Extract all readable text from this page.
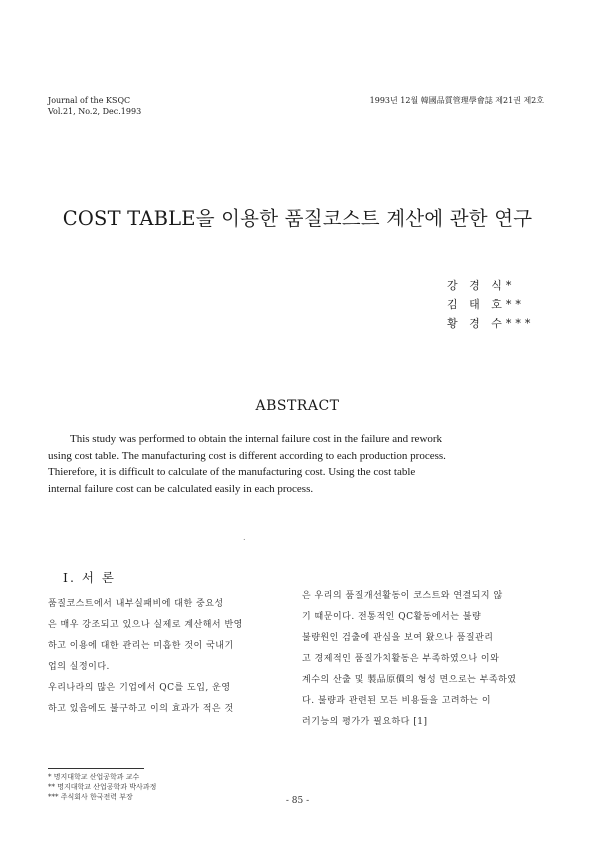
Journal of the KSQC
Vol.21, No.2, Dec.1993
1993년 12월 韓國品質管理學會誌 제21권 제2호
COST TABLE을 이용한 품질코스트 계산에 관한 연구
강 경 식*
김 태 호**
황 경 수***
ABSTRACT
This study was performed to obtain the internal failure cost in the failure and rework
using cost table. The manufacturing cost is different according to each production process.
Thierefore, it is difficult to calculate of the manufacturing cost. Using the cost table
internal failure cost can be calculated easily in each process.
.
I. 서 론
품질코스트에서 내부실패비에 대한 중요성
은 매우 강조되고 있으나 실제로 계산해서 반영
하고 이용에 대한 관리는 미흡한 것이 국내기
업의 실정이다.
우리나라의 많은 기업에서 QC를 도입, 운영
하고 있음에도 불구하고 이의 효과가 적은 것
은 우리의 품질개선활동이 코스트와 연결되지 않
기 때문이다. 전통적인 QC활동에서는 불량
불량원인 검출에 관심을 보여 왔으나 품질관리
고 경제적인 품질가치활동은 부족하였으나 이와
계수의 산출 및 製品原價의 형성 면으로는 부족하였
다. 불량과 관련된 모든 비용들을 고려하는 이
러기능의 평가가 필요하다 [1]
* 명지대학교 산업공학과 교수
** 명지대학교 산업공학과 박사과정
*** 주식회사 한국전력 부장	- 85 -
